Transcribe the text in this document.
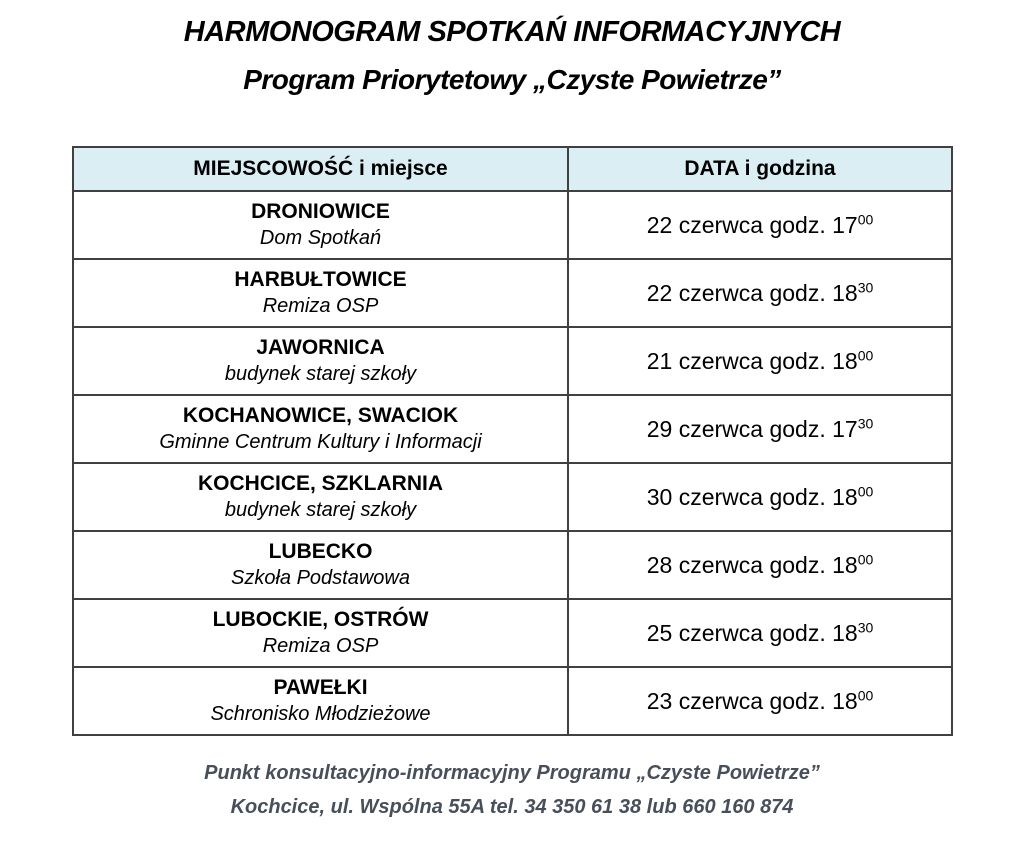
HARMONOGRAM SPOTKAŃ INFORMACYJNYCH
Program Priorytetowy „Czyste Powietrze”
MIEJSCOWOŚĆ i miejsce	DATA i godzina

DRONIOWICE
Dom Spotkań	22 czerwca godz. $17^{00}$

HARBUŁTOWICE
Remiza OSP	22 czerwca godz. $18^{30}$

JAWORNICA
budynek starej szkoły	21 czerwca godz. $18^{00}$

KOCHANOWICE, SWACIOK
Gminne Centrum Kultury i Informacji	29 czerwca godz. $17^{30}$

KOCHCICE, SZKLARNIA
budynek starej szkoły	30 czerwca godz. $18^{00}$

LUBECKO
Szkoła Podstawowa	28 czerwca godz. $18^{00}$

LUBOCKIE, OSTRÓW
Remiza OSP	25 czerwca godz. $18^{30}$

PAWEŁKI
Schronisko Młodzieżowe	23 czerwca godz. $18^{00}$

Punkt konsultacyjno-informacyjny Programu „Czyste Powietrze”

Kochcice, ul. Wspólna 55A tel. 34 350 61 38 lub 660 160 874
